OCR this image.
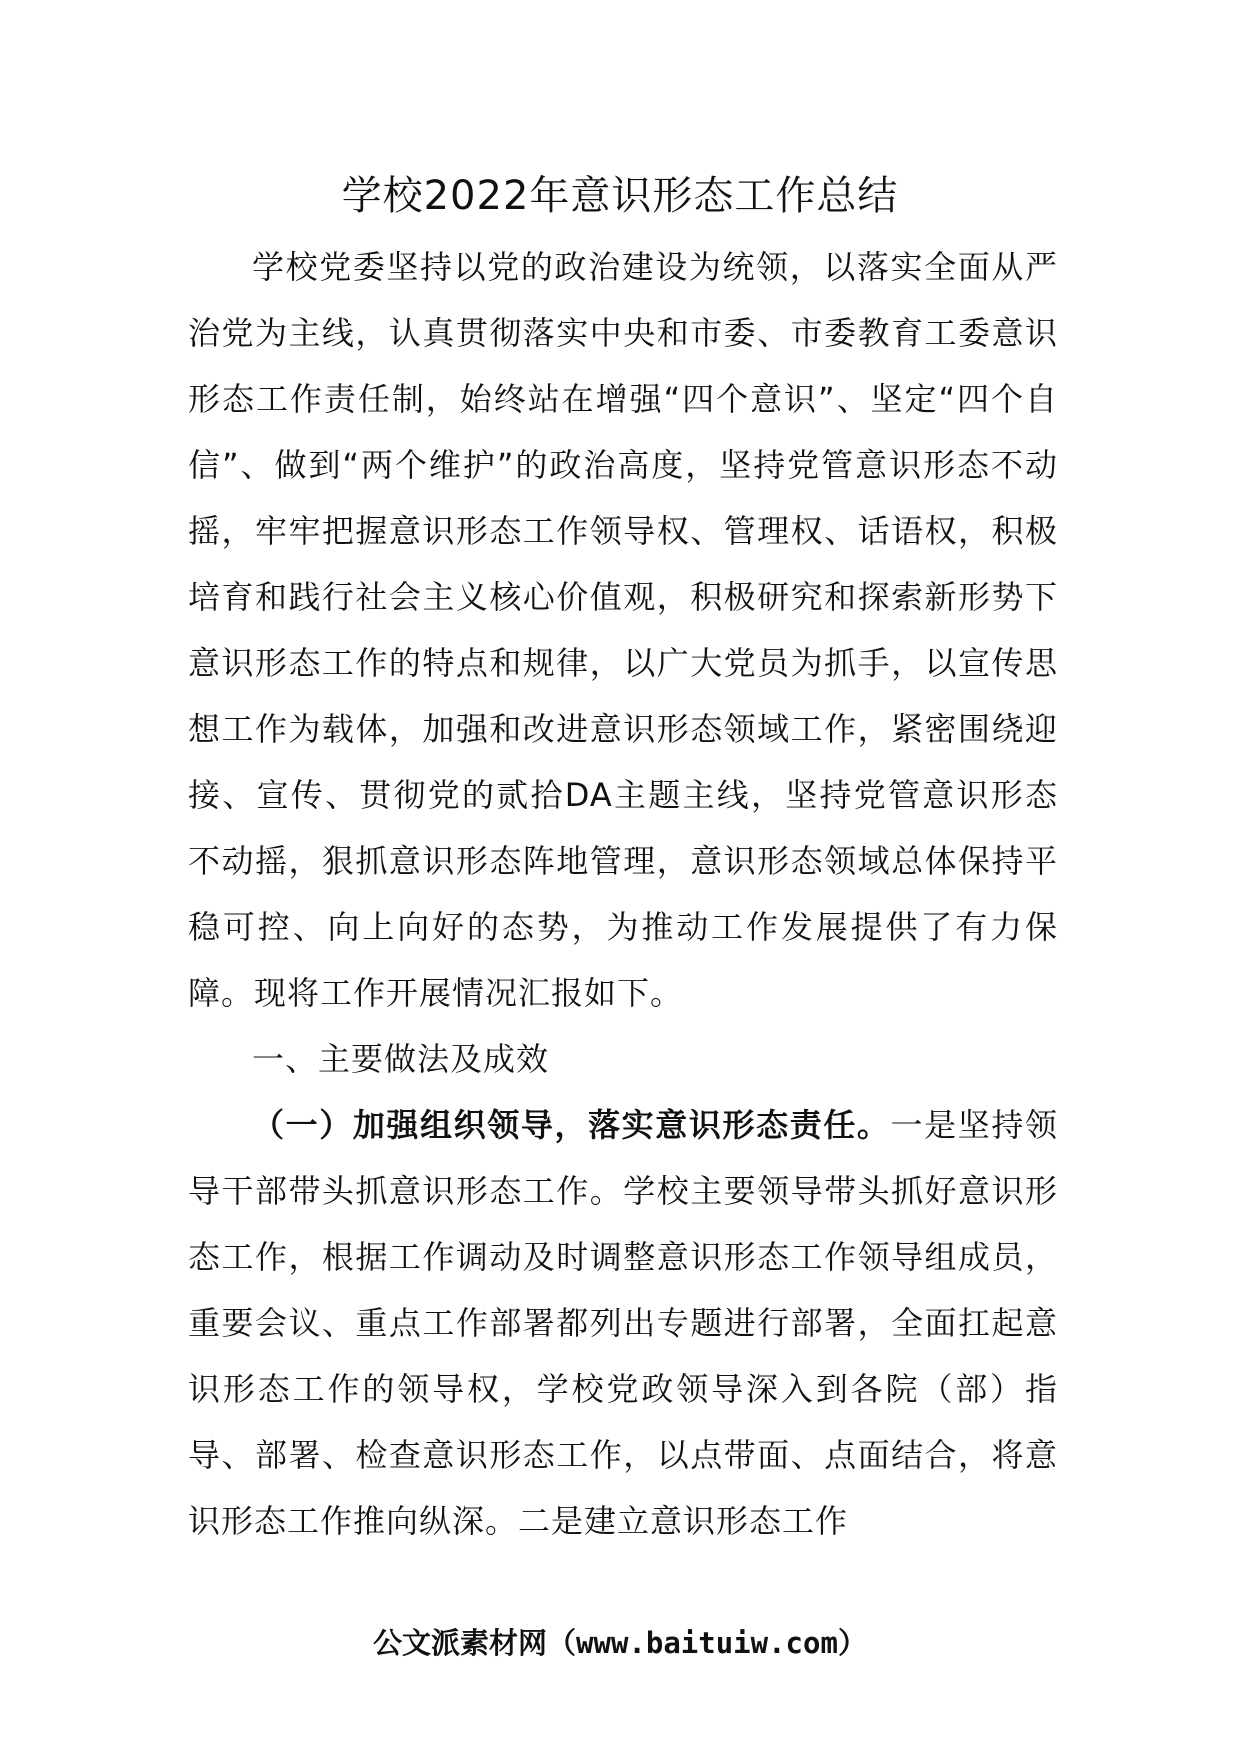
学校2022年意识形态工作总结

学校党委坚持以党的政治建设为统领，以落实全面从严治党为主线，认真贯彻落实中央和市委、市委教育工委意识形态工作责任制，始终站在增强“四个意识”、坚定“四个自信”、做到“两个维护”的政治高度，坚持党管意识形态不动摇，牢牢把握意识形态工作领导权、管理权、话语权，积极培育和践行社会主义核心价值观，积极研究和探索新形势下意识形态工作的特点和规律，以广大党员为抓手，以宣传思想工作为载体，加强和改进意识形态领域工作，紧密围绕迎接、宣传、贯彻党的贰拾DA主题主线，坚持党管意识形态不动摇，狠抓意识形态阵地管理，意识形态领域总体保持平稳可控、向上向好的态势，为推动工作发展提供了有力保障。现将工作开展情况汇报如下。

一、主要做法及成效

（一）加强组织领导，落实意识形态责任。一是坚持领导干部带头抓意识形态工作。学校主要领导带头抓好意识形态工作，根据工作调动及时调整意识形态工作领导组成员，重要会议、重点工作部署都列出专题进行部署，全面扛起意识形态工作的领导权，学校党政领导深入到各院（部）指导、部署、检查意识形态工作，以点带面、点面结合，将意识形态工作推向纵深。二是建立意识形态工作

公文派素材网（www.baituiw.com）
